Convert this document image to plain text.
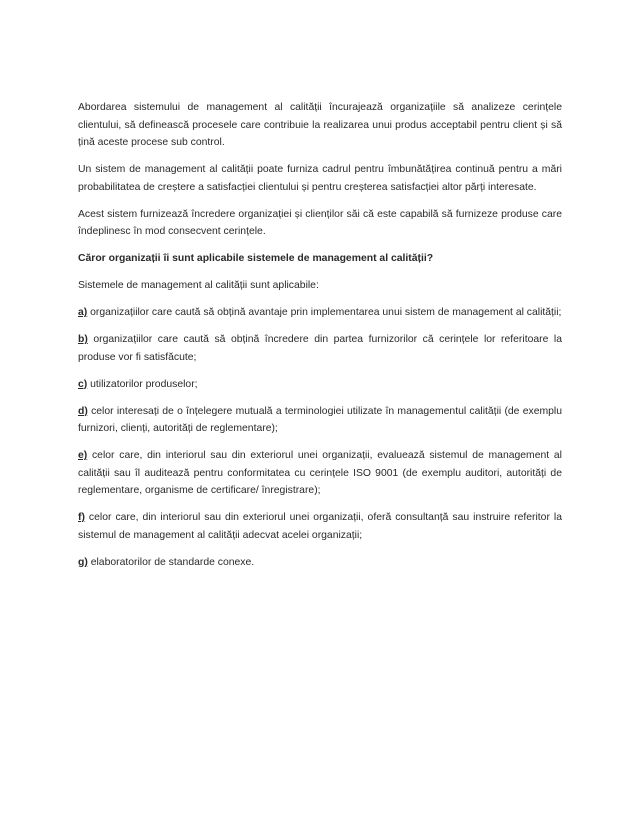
Abordarea sistemului de management al calității încurajează organizațiile să analizeze cerințele clientului, să definească procesele care contribuie la realizarea unui produs acceptabil pentru client și să țină aceste procese sub control.

Un sistem de management al calității poate furniza cadrul pentru îmbunătățirea continuă pentru a mări probabilitatea de creștere a satisfacției clientului și pentru creșterea satisfacției altor părți interesate.

Acest sistem furnizează încredere organizației și clienților săi că este capabilă să furnizeze produse care îndeplinesc în mod consecvent cerințele.

Căror organizații îi sunt aplicabile sistemele de management al calității?

Sistemele de management al calității sunt aplicabile:

a) organizațiilor care caută să obțină avantaje prin implementarea unui sistem de management al calității;

b) organizațiilor care caută să obțină încredere din partea furnizorilor că cerințele lor referitoare la produse vor fi satisfăcute;

c) utilizatorilor produselor;

d) celor interesați de o înțelegere mutuală a terminologiei utilizate în managementul calității (de exemplu furnizori, clienți, autorități de reglementare);

e) celor care, din interiorul sau din exteriorul unei organizații, evaluează sistemul de management al calității sau îl auditează pentru conformitatea cu cerințele ISO 9001 (de exemplu auditori, autorități de reglementare, organisme de certificare/ înregistrare);

f) celor care, din interiorul sau din exteriorul unei organizații, oferă consultanță sau instruire referitor la sistemul de management al calității adecvat acelei organizații;

g) elaboratorilor de standarde conexe.
